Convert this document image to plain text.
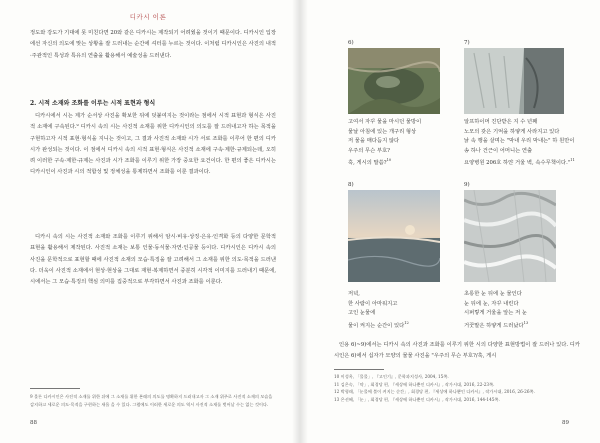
디카시 이론

정도와 강도가 기대에 못 미친다면 20와 같은 디카시는 제작되기 어려웠을 것이기 때문이다. 디카시인 입장에선 자신의 의도에 맞는 상황을 잘 드러내는 순간에 셔터를 누르는 것이다. 이처럼 디카시인은 사진의 내적·주관적인 특성과 특유의 연출을 활용해서 예술성을 드러낸다.

2. 시적 소재와 조화를 이루는 시적 표현과 형식

디카시에서 시는 제가 순서상 사진을 확보한 뒤에 덧붙여지는 것이라는 점에서 시적 표현과 형식은 사진적 소재에 구속된다.⁹ 디카시 속의 시는 사진적 소재를 위한 디카시인의 의도를 잘 드러내고자 하는 목적을 구현하고자 시적 표현·형식을 지니는 것이고, 그 결과 사진적 소재와 시가 서로 조화를 이루어 한 편의 디카시가 완성되는 것이다. 이 점에서 디카시 속의 시적 표현·형식은 사진적 소재에 구속·제한·규제되는데, 오히려 이러한 구속·제한·규제는 사진과 시가 조화를 이루기 위한 가장 중요한 요건이다. 한 편의 좋은 디카시는 디카시인이 사진과 시의 적합성 및 정체성을 통제하면서 조화를 이룬 결과이다.

디카시 속의 시는 사진적 소재와 조화를 이루기 위해서 암시·비유·상징·은유·인격화 등의 다양한 문학적 표현을 활용해서 제작된다. 사진적 소재는 보통 인물·동식물·자연·인공물 등이다. 디카시인은 디카시 속의 사진을 문학적으로 표현할 때에 사진적 소재의 모습·특징을 잘 고려해서 그 소재를 위한 의도·목적을 드러낸다. 더욱이 사진적 소재에서 현상·현상을 그대로 재현·복제하면서 중분히 시각적 이미지를 드러내기 때문에, 시에서는 그 모습·특징의 핵심 의미를 집중적으로 부각하면서 사진과 조화를 이룬다.

9 물론 디카시인은 사진적 소재를 위한 뒤에 그 소재를 위한 본래의 의도를 명확하지 드러내고자 그 소재 위주로 사진적 소재의 모습을 감지하고 세로운 의도·목적을 구현하는 새롭 을 수 있다. 그럼에도 이러한 세로운 의도 역시 사진적 소재를 벗어날 수는 없는 것이다.
88
6)
고여서 자꾸 물을 마시던 물방이
물날 아침에 있는 개구리 형상
저 물을 매다듬지 않다
우주의 무슨 부호?
혹, 게시의 말씀?$^{10}$
7)
알프하이머 진단받은 지 수 년째
노모의 갖은 기억을 하얗게 사라지고 있다
낡 속 행을 살며는 "막내 우리 막내는" 하 원만이
송 하나 건근이 어머니는 연출
요양병원 206호 하얀 거울 벽, 속수무책이다."$^{11}$
8)
저녁,
한 사람이 아마워지고
고인 눈물에
물이 켜지는 순간이 있다$^{12}$
9)
초롱한 눈 뒤에 눈 물인다
눈 뒤에 눈, 자꾸 내린다
시퍼렇게 거울을 앞는 저 눈
거꿋말은 하얗게 드러났다$^{13}$
인용 6)~9)에서는 디카시 속의 사진과 조화를 이루기 위한 시의 다양한 표현방법이 잘 드러나 있다. 디카시인은 6)에서 십자가 모양의 물물 사진을 "우주의 무슨 부호?/혹, 게시
10 이성옥, 「물물」, 『고인기』, 문학과지성사, 2004, 15쪽.
11 김은숙, 「약」, 회경당 편, 『세상에 하나뿐인 디카시』, 작가시대, 2016, 22-23쪽.
12 박형래, 「눈물에 불이 켜지는 순간」, 회경당 편, 『세상에 하나뿐인 디카시』, 작가시대, 2016, 26-26쪽.
13 은선혜, 「눈」, 회경당 편, 『세상에 하나뿐인 디카시』, 작가시대, 2016, 144-145쪽.
89
